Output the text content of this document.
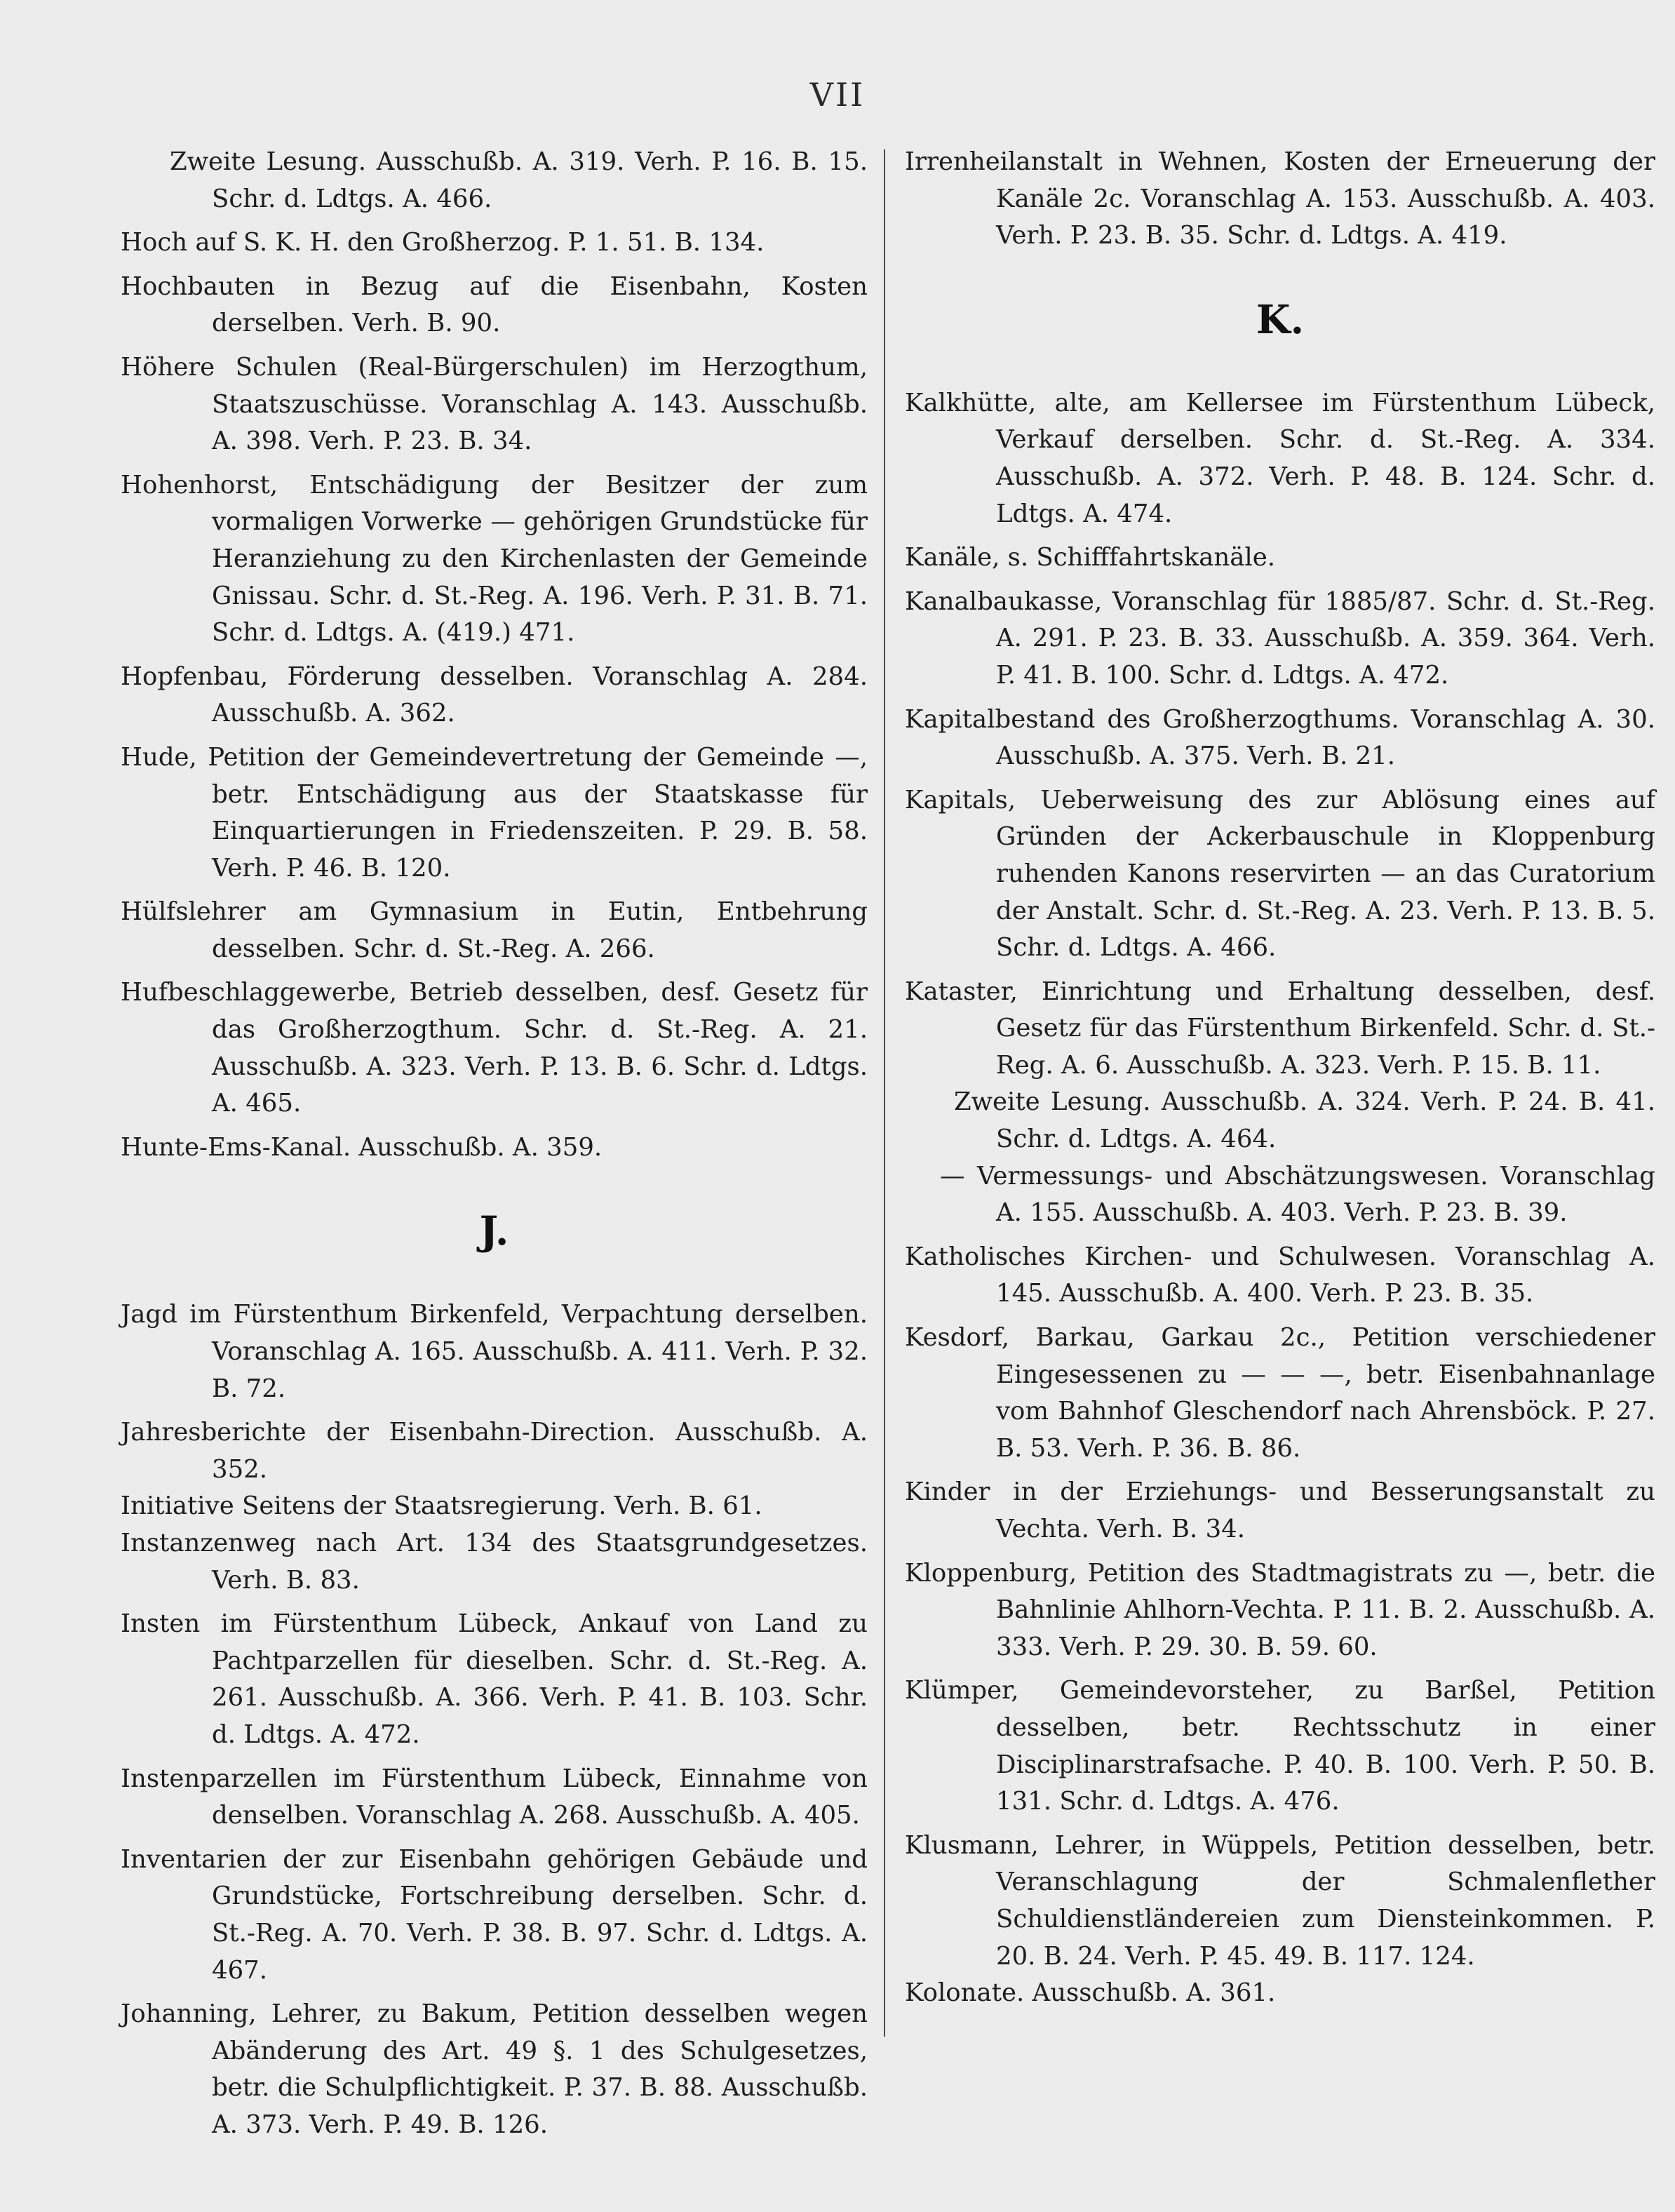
VII

Zweite Lesung. Ausschußb. A. 319. Verh. P. 16. B. 15. Schr. d. Ldtgs. A. 466.

Hoch auf S. K. H. den Großherzog. P. 1. 51. B. 134.

Hochbauten in Bezug auf die Eisenbahn, Kosten derselben. Verh. B. 90.

Höhere Schulen (Real-Bürgerschulen) im Herzogthum, Staatszuschüsse. Voranschlag A. 143. Ausschußb. A. 398. Verh. P. 23. B. 34.

Hohenhorst, Entschädigung der Besitzer der zum vormaligen Vorwerke — gehörigen Grundstücke für Heranziehung zu den Kirchenlasten der Gemeinde Gnissau. Schr. d. St.-Reg. A. 196. Verh. P. 31. B. 71. Schr. d. Ldtgs. A. (419.) 471.

Hopfenbau, Förderung desselben. Voranschlag A. 284. Ausschußb. A. 362.

Hude, Petition der Gemeindevertretung der Gemeinde —, betr. Entschädigung aus der Staatskasse für Einquartierungen in Friedenszeiten. P. 29. B. 58. Verh. P. 46. B. 120.

Hülfslehrer am Gymnasium in Eutin, Entbehrung desselben. Schr. d. St.-Reg. A. 266.

Hufbeschlaggewerbe, Betrieb desselben, desf. Gesetz für das Großherzogthum. Schr. d. St.-Reg. A. 21. Ausschußb. A. 323. Verh. P. 13. B. 6. Schr. d. Ldtgs. A. 465.

Hunte-Ems-Kanal. Ausschußb. A. 359.

J.

Jagd im Fürstenthum Birkenfeld, Verpachtung derselben. Voranschlag A. 165. Ausschußb. A. 411. Verh. P. 32. B. 72.

Jahresberichte der Eisenbahn-Direction. Ausschußb. A. 352.

Initiative Seitens der Staatsregierung. Verh. B. 61.

Instanzenweg nach Art. 134 des Staatsgrundgesetzes. Verh. B. 83.

Insten im Fürstenthum Lübeck, Ankauf von Land zu Pachtparzellen für dieselben. Schr. d. St.-Reg. A. 261. Ausschußb. A. 366. Verh. P. 41. B. 103. Schr. d. Ldtgs. A. 472.

Instenparzellen im Fürstenthum Lübeck, Einnahme von denselben. Voranschlag A. 268. Ausschußb. A. 405.

Inventarien der zur Eisenbahn gehörigen Gebäude und Grundstücke, Fortschreibung derselben. Schr. d. St.-Reg. A. 70. Verh. P. 38. B. 97. Schr. d. Ldtgs. A. 467.

Johanning, Lehrer, zu Bakum, Petition desselben wegen Abänderung des Art. 49 §. 1 des Schulgesetzes, betr. die Schulpflichtigkeit. P. 37. B. 88. Ausschußb. A. 373. Verh. P. 49. B. 126.

Irrenheilanstalt in Wehnen, Kosten der Erneuerung der Kanäle 2c. Voranschlag A. 153. Ausschußb. A. 403. Verh. P. 23. B. 35. Schr. d. Ldtgs. A. 419.

K.

Kalkhütte, alte, am Kellersee im Fürstenthum Lübeck, Verkauf derselben. Schr. d. St.-Reg. A. 334. Ausschußb. A. 372. Verh. P. 48. B. 124. Schr. d. Ldtgs. A. 474.

Kanäle, s. Schifffahrtskanäle.

Kanalbaukasse, Voranschlag für 1885/87. Schr. d. St.-Reg. A. 291. P. 23. B. 33. Ausschußb. A. 359. 364. Verh. P. 41. B. 100. Schr. d. Ldtgs. A. 472.

Kapitalbestand des Großherzogthums. Voranschlag A. 30. Ausschußb. A. 375. Verh. B. 21.

Kapitals, Ueberweisung des zur Ablösung eines auf Gründen der Ackerbauschule in Kloppenburg ruhenden Kanons reservirten — an das Curatorium der Anstalt. Schr. d. St.-Reg. A. 23. Verh. P. 13. B. 5. Schr. d. Ldtgs. A. 466.

Kataster, Einrichtung und Erhaltung desselben, desf. Gesetz für das Fürstenthum Birkenfeld. Schr. d. St.-Reg. A. 6. Ausschußb. A. 323. Verh. P. 15. B. 11.

Zweite Lesung. Ausschußb. A. 324. Verh. P. 24. B. 41. Schr. d. Ldtgs. A. 464.

— Vermessungs- und Abschätzungswesen. Voranschlag A. 155. Ausschußb. A. 403. Verh. P. 23. B. 39.

Katholisches Kirchen- und Schulwesen. Voranschlag A. 145. Ausschußb. A. 400. Verh. P. 23. B. 35.

Kesdorf, Barkau, Garkau 2c., Petition verschiedener Eingesessenen zu — — —, betr. Eisenbahnanlage vom Bahnhof Gleschendorf nach Ahrensböck. P. 27. B. 53. Verh. P. 36. B. 86.

Kinder in der Erziehungs- und Besserungsanstalt zu Vechta. Verh. B. 34.

Kloppenburg, Petition des Stadtmagistrats zu —, betr. die Bahnlinie Ahlhorn-Vechta. P. 11. B. 2. Ausschußb. A. 333. Verh. P. 29. 30. B. 59. 60.

Klümper, Gemeindevorsteher, zu Barßel, Petition desselben, betr. Rechtsschutz in einer Disciplinarstrafsache. P. 40. B. 100. Verh. P. 50. B. 131. Schr. d. Ldtgs. A. 476.

Klusmann, Lehrer, in Wüppels, Petition desselben, betr. Veranschlagung der Schmalenflether Schuldienstländereien zum Diensteinkommen. P. 20. B. 24. Verh. P. 45. 49. B. 117. 124.

Kolonate. Ausschußb. A. 361.
